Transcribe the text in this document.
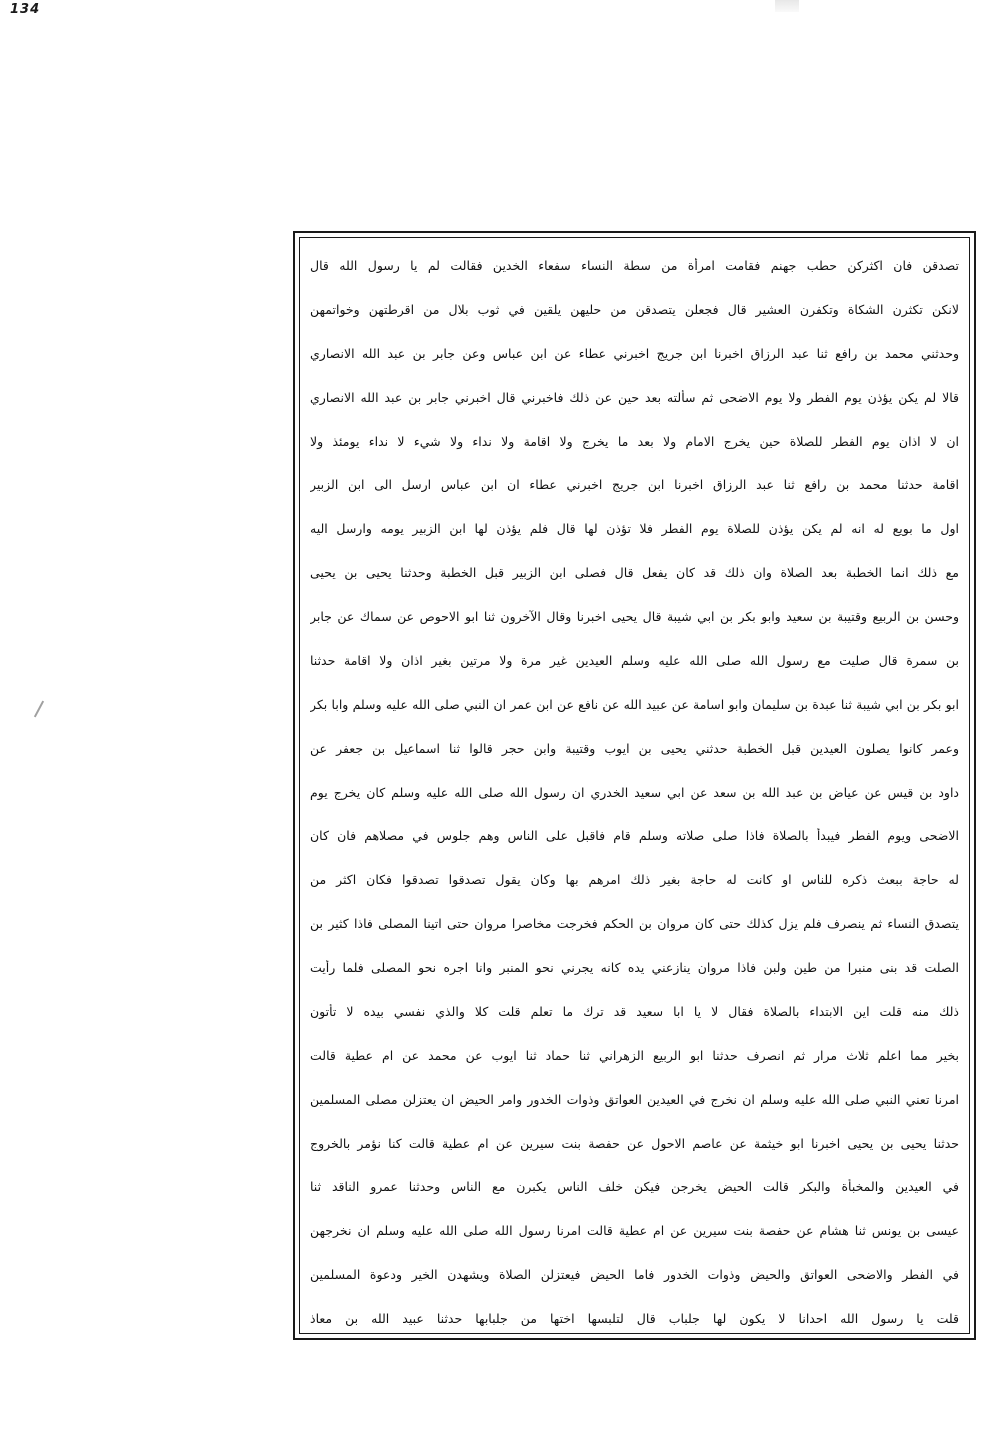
134
تصدقن فان اكثركن حطب جهنم فقامت امرأة من سطة النساء سفعاء الخدين فقالت لم يا رسول الله قال
لانكن تكثرن الشكاة وتكفرن العشير قال فجعلن يتصدقن من حليهن يلقين في ثوب بلال من اقرطتهن وخواتمهن
وحدثني محمد بن رافع ثنا عبد الرزاق اخبرنا ابن جريج اخبرني عطاء عن ابن عباس وعن جابر بن عبد الله الانصاري
قالا لم يكن يؤذن يوم الفطر ولا يوم الاضحى ثم سألته بعد حين عن ذلك فاخبرني قال اخبرني جابر بن عبد الله الانصاري
ان لا اذان يوم الفطر للصلاة حين يخرج الامام ولا بعد ما يخرج ولا اقامة ولا نداء ولا شيء لا نداء يومئذ ولا
اقامة حدثنا محمد بن رافع ثنا عبد الرزاق اخبرنا ابن جريج اخبرني عطاء ان ابن عباس ارسل الى ابن الزبير
اول ما بويع له انه لم يكن يؤذن للصلاة يوم الفطر فلا تؤذن لها قال فلم يؤذن لها ابن الزبير يومه وارسل اليه
مع ذلك انما الخطبة بعد الصلاة وان ذلك قد كان يفعل قال فصلى ابن الزبير قبل الخطبة وحدثنا يحيى بن يحيى
وحسن بن الربيع وقتيبة بن سعيد وابو بكر بن ابي شيبة قال يحيى اخبرنا وقال الآخرون ثنا ابو الاحوص عن سماك عن جابر
بن سمرة قال صليت مع رسول الله صلى الله عليه وسلم العيدين غير مرة ولا مرتين بغير اذان ولا اقامة حدثنا
ابو بكر بن ابي شيبة ثنا عبدة بن سليمان وابو اسامة عن عبيد الله عن نافع عن ابن عمر ان النبي صلى الله عليه وسلم وابا بكر
وعمر كانوا يصلون العيدين قبل الخطبة حدثني يحيى بن ايوب وقتيبة وابن حجر قالوا ثنا اسماعيل بن جعفر عن
داود بن قيس عن عياض بن عبد الله بن سعد عن ابي سعيد الخدري ان رسول الله صلى الله عليه وسلم كان يخرج يوم
الاضحى ويوم الفطر فيبدأ بالصلاة فاذا صلى صلاته وسلم قام فاقبل على الناس وهم جلوس في مصلاهم فان كان
له حاجة ببعث ذكره للناس او كانت له حاجة بغير ذلك امرهم بها وكان يقول تصدقوا تصدقوا فكان اكثر من
يتصدق النساء ثم ينصرف فلم يزل كذلك حتى كان مروان بن الحكم فخرجت مخاصرا مروان حتى اتينا المصلى فاذا كثير بن
الصلت قد بنى منبرا من طين ولبن فاذا مروان ينازعني يده كانه يجرني نحو المنبر وانا اجره نحو المصلى فلما رأيت
ذلك منه قلت اين الابتداء بالصلاة فقال لا يا ابا سعيد قد ترك ما تعلم قلت كلا والذي نفسي بيده لا تأتون
بخير مما اعلم ثلاث مرار ثم انصرف حدثنا ابو الربيع الزهراني ثنا حماد ثنا ايوب عن محمد عن ام عطية قالت
امرنا تعني النبي صلى الله عليه وسلم ان نخرج في العيدين العواتق وذوات الخدور وامر الحيض ان يعتزلن مصلى المسلمين
حدثنا يحيى بن يحيى اخبرنا ابو خيثمة عن عاصم الاحول عن حفصة بنت سيرين عن ام عطية قالت كنا نؤمر بالخروج
في العيدين والمخبأة والبكر قالت الحيض يخرجن فيكن خلف الناس يكبرن مع الناس وحدثنا عمرو الناقد ثنا
عيسى بن يونس ثنا هشام عن حفصة بنت سيرين عن ام عطية قالت امرنا رسول الله صلى الله عليه وسلم ان نخرجهن
في الفطر والاضحى العواتق والحيض وذوات الخدور فاما الحيض فيعتزلن الصلاة ويشهدن الخير ودعوة المسلمين
قلت يا رسول الله احدانا لا يكون لها جلباب قال لتلبسها اختها من جلبابها حدثنا عبيد الله بن معاذ
